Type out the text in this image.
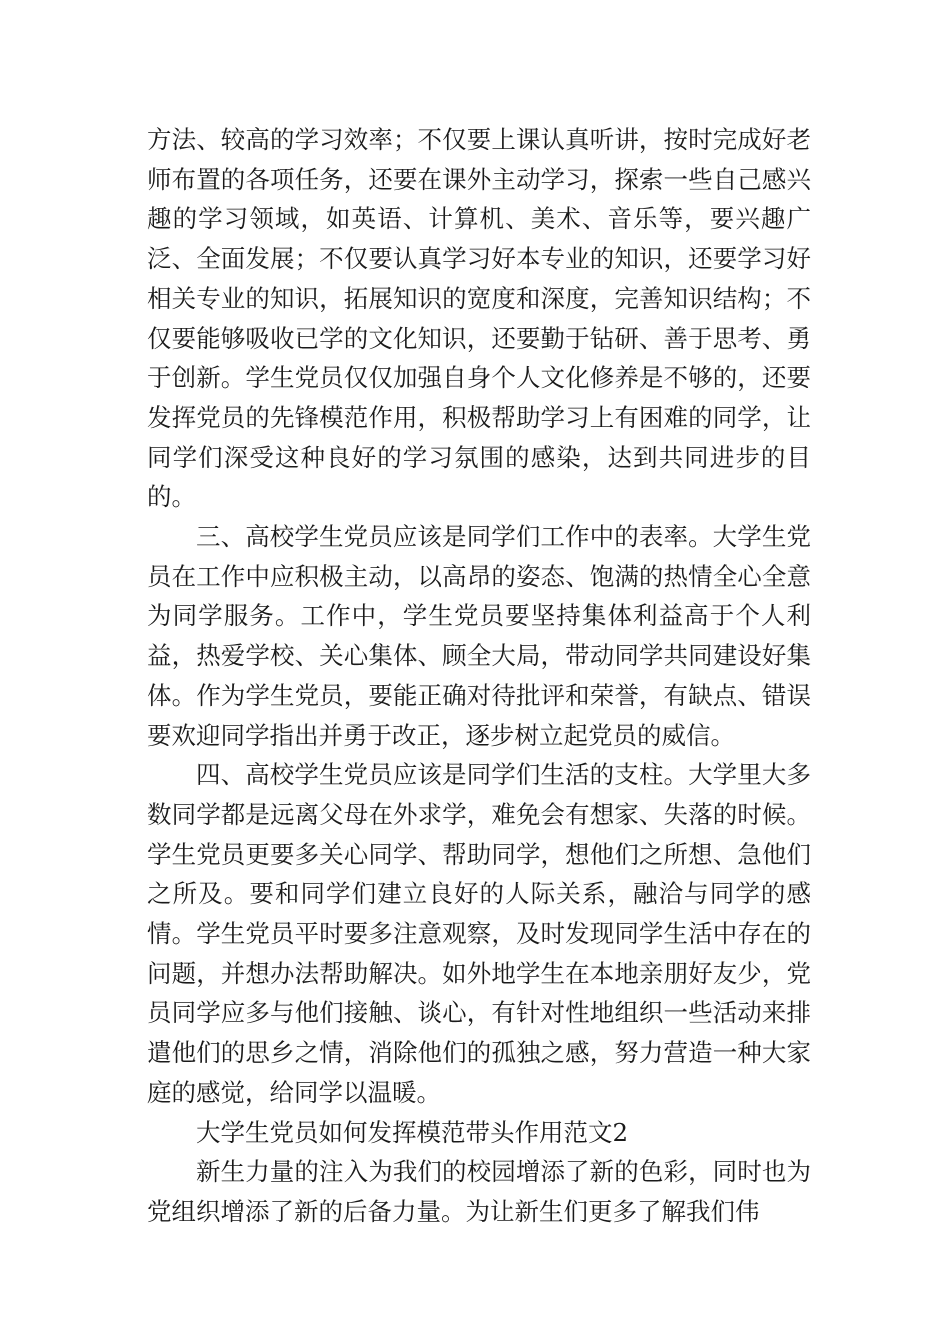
方法、较高的学习效率；不仅要上课认真听讲，按时完成好老师布置的各项任务，还要在课外主动学习，探索一些自己感兴趣的学习领域，如英语、计算机、美术、音乐等，要兴趣广泛、全面发展；不仅要认真学习好本专业的知识，还要学习好相关专业的知识，拓展知识的宽度和深度，完善知识结构；不仅要能够吸收已学的文化知识，还要勤于钻研、善于思考、勇于创新。学生党员仅仅加强自身个人文化修养是不够的，还要发挥党员的先锋模范作用，积极帮助学习上有困难的同学，让同学们深受这种良好的学习氛围的感染，达到共同进步的目的。

三、高校学生党员应该是同学们工作中的表率。大学生党员在工作中应积极主动，以高昂的姿态、饱满的热情全心全意为同学服务。工作中，学生党员要坚持集体利益高于个人利益，热爱学校、关心集体、顾全大局，带动同学共同建设好集体。作为学生党员，要能正确对待批评和荣誉，有缺点、错误要欢迎同学指出并勇于改正，逐步树立起党员的威信。

四、高校学生党员应该是同学们生活的支柱。大学里大多数同学都是远离父母在外求学，难免会有想家、失落的时候。学生党员更要多关心同学、帮助同学，想他们之所想、急他们之所及。要和同学们建立良好的人际关系，融洽与同学的感情。学生党员平时要多注意观察，及时发现同学生活中存在的问题，并想办法帮助解决。如外地学生在本地亲朋好友少，党员同学应多与他们接触、谈心，有针对性地组织一些活动来排遣他们的思乡之情，消除他们的孤独之感，努力营造一种大家庭的感觉，给同学以温暖。

大学生党员如何发挥模范带头作用范文2

新生力量的注入为我们的校园增添了新的色彩，同时也为党组织增添了新的后备力量。为让新生们更多了解我们伟
